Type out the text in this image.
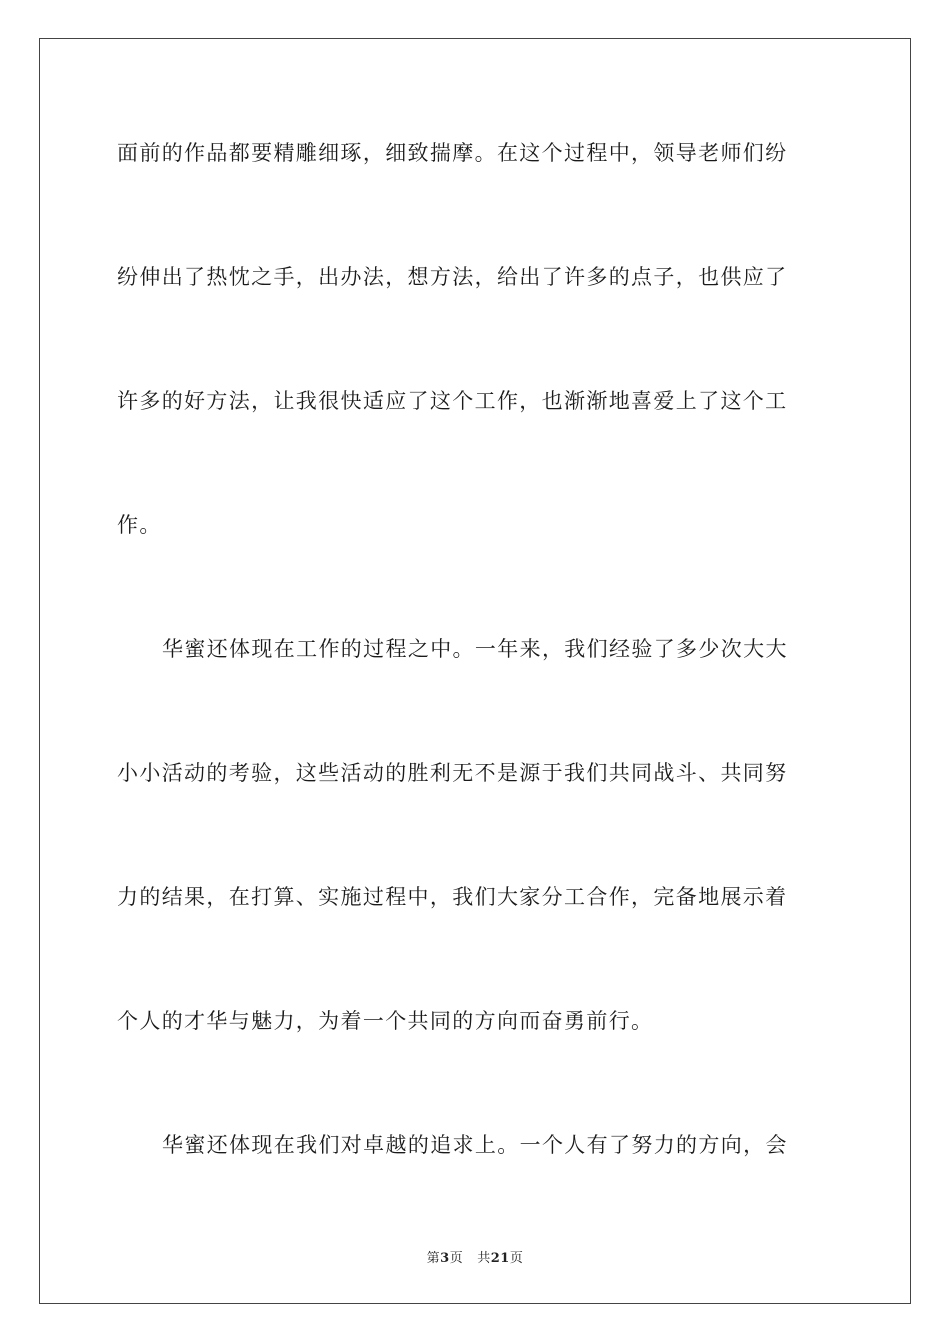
面前的作品都要精雕细琢，细致揣摩。在这个过程中，领导老师们纷
纷伸出了热忱之手，出办法，想方法，给出了许多的点子，也供应了
许多的好方法，让我很快适应了这个工作，也渐渐地喜爱上了这个工
作。
华蜜还体现在工作的过程之中。一年来，我们经验了多少次大大
小小活动的考验，这些活动的胜利无不是源于我们共同战斗、共同努
力的结果，在打算、实施过程中，我们大家分工合作，完备地展示着
个人的才华与魅力，为着一个共同的方向而奋勇前行。
华蜜还体现在我们对卓越的追求上。一个人有了努力的方向，会
第3页 共21页
